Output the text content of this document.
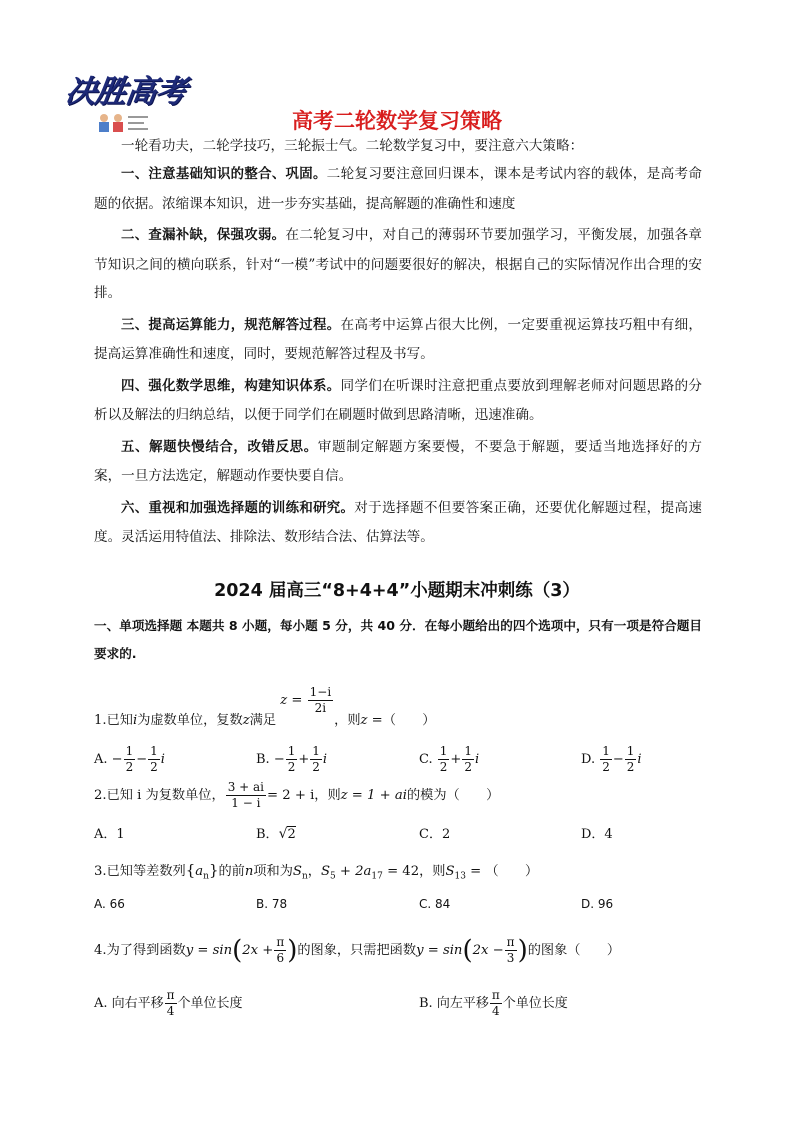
决胜高考
高考二轮数学复习策略
一轮看功夫，二轮学技巧，三轮振士气。二轮数学复习中，要注意六大策略：
一、注意基础知识的整合、巩固。二轮复习要注意回归课本，课本是考试内容的载体，是高考命题的依据。浓缩课本知识，进一步夯实基础，提高解题的准确性和速度
二、查漏补缺，保强攻弱。在二轮复习中，对自己的薄弱环节要加强学习，平衡发展，加强各章节知识之间的横向联系，针对“一模”考试中的问题要很好的解决，根据自己的实际情况作出合理的安排。
三、提高运算能力，规范解答过程。在高考中运算占很大比例，一定要重视运算技巧粗中有细，提高运算准确性和速度，同时，要规范解答过程及书写。
四、强化数学思维，构建知识体系。同学们在听课时注意把重点要放到理解老师对问题思路的分析以及解法的归纳总结，以便于同学们在刷题时做到思路清晰，迅速准确。
五、解题快慢结合，改错反思。审题制定解题方案要慢，不要急于解题，要适当地选择好的方案，一旦方法选定，解题动作要快要自信。
六、重视和加强选择题的训练和研究。对于选择题不但要答案正确，还要优化解题过程，提高速度。灵活运用特值法、排除法、数形结合法、估算法等。
2024 届高三“8+4+4”小题期末冲刺练（3）
一、单项选择题 本题共 8 小题，每小题 5 分，共 40 分．在每小题给出的四个选项中，只有一项是符合题目要求的.
1.已知i为虚数单位，复数z满足 $z = \frac{1-i}{2i}$
，则z =（　　）
A. − $\frac{1}{2} - \frac{1}{2}$ i	B. − $\frac{1}{2} + \frac{1}{2}$ i	C. $\frac{1}{2} + \frac{1}{2}$ i	D. $\frac{1}{2} - \frac{1}{2}$ i
2.已知 i 为复数单位， $\frac{3 + ai}{1 - i} = 2 + i$，则z = 1 + ai的模为（　　）
A．1	B．√2	C．2	D．4
3.已知等差数列$\{a_n\}$的前n项和为$S_n$，$S_5 + 2a_{17} = 42$，则$S_{13}$ = （　　）
A. 66	B. 78	C. 84	D. 96
4.为了得到函数$y = \sin(2x + \frac{\pi}{6}$ )的图象，只需把函数$y = \sin(2x - \frac{\pi}{3}$ )的图象（　　）
A. 向右平移 $\frac{\pi}{4}$ 个单位长度	B. 向左平移 $\frac{\pi}{4}$ 个单位长度
